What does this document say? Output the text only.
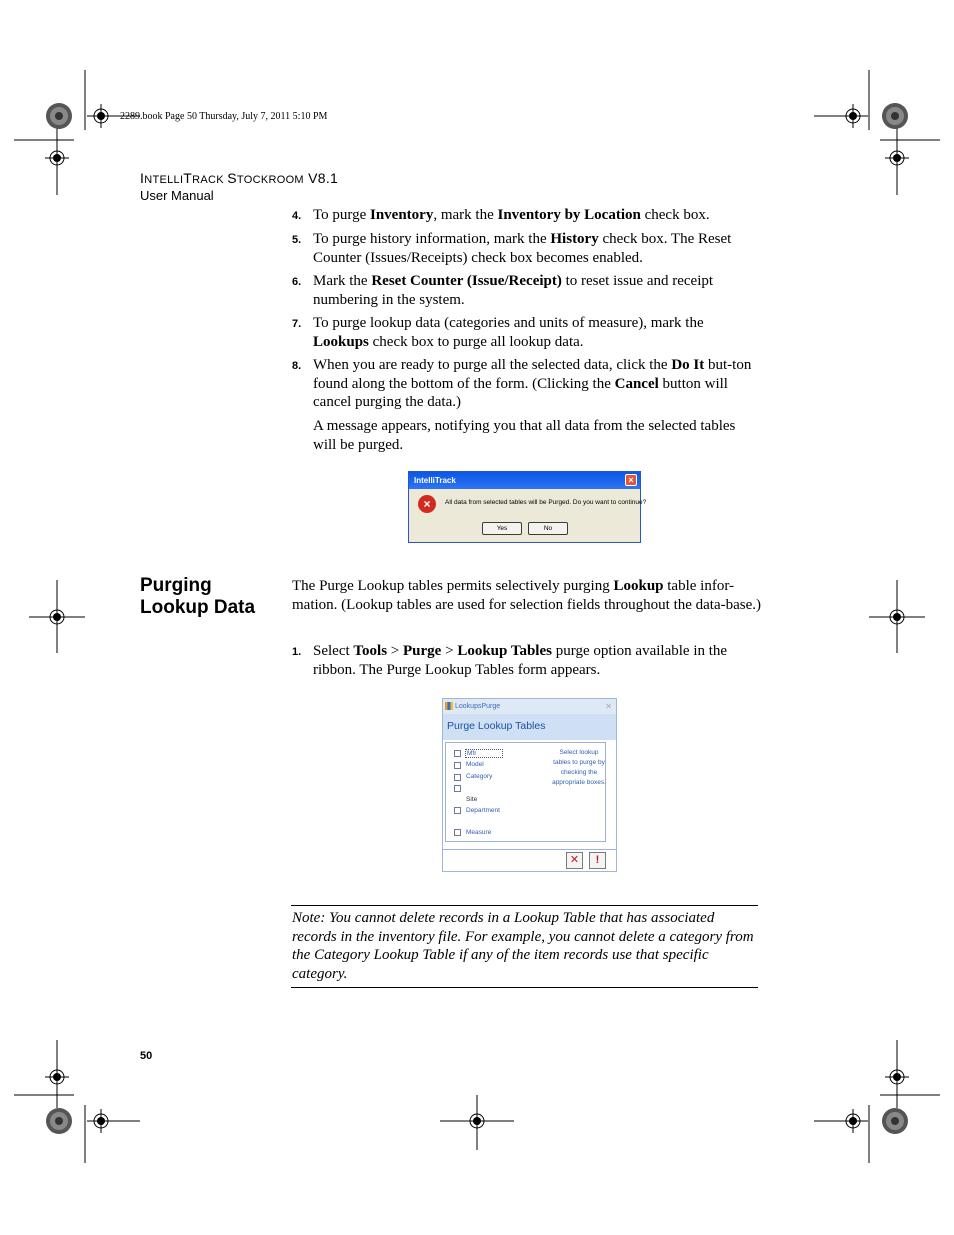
2289.book Page 50 Thursday, July 7, 2011 5:10 PM
INTELLITRACK STOCKROOM V8.1
User Manual
4. To purge Inventory, mark the Inventory by Location check box.
5. To purge history information, mark the History check box. The Reset Counter (Issues/Receipts) check box becomes enabled.
6. Mark the Reset Counter (Issue/Receipt) to reset issue and receipt numbering in the system.
7. To purge lookup data (categories and units of measure), mark the Lookups check box to purge all lookup data.
8. When you are ready to purge all the selected data, click the Do It but-ton found along the bottom of the form. (Clicking the Cancel button will cancel purging the data.)
A message appears, notifying you that all data from the selected tables will be purged.
IntelliTrack	×
×	All data from selected tables will be Purged. Do you want to continue?
Yes	No
Purging
Lookup Data
The Purge Lookup tables permits selectively purging Lookup table infor-mation. (Lookup tables are used for selection fields throughout the data-base.)
1. Select Tools > Purge > Lookup Tables purge option available in the ribbon. The Purge Lookup Tables form appears.
LookupsPurge	✕
Purge Lookup Tables
Mfr
Model
Category
Site
Department
Measure
Select lookup tables to purge by checking the appropriate boxes.
✕	!
Note: You cannot delete records in a Lookup Table that has associated records in the inventory file. For example, you cannot delete a category from the Category Lookup Table if any of the item records use that specific category.
50
